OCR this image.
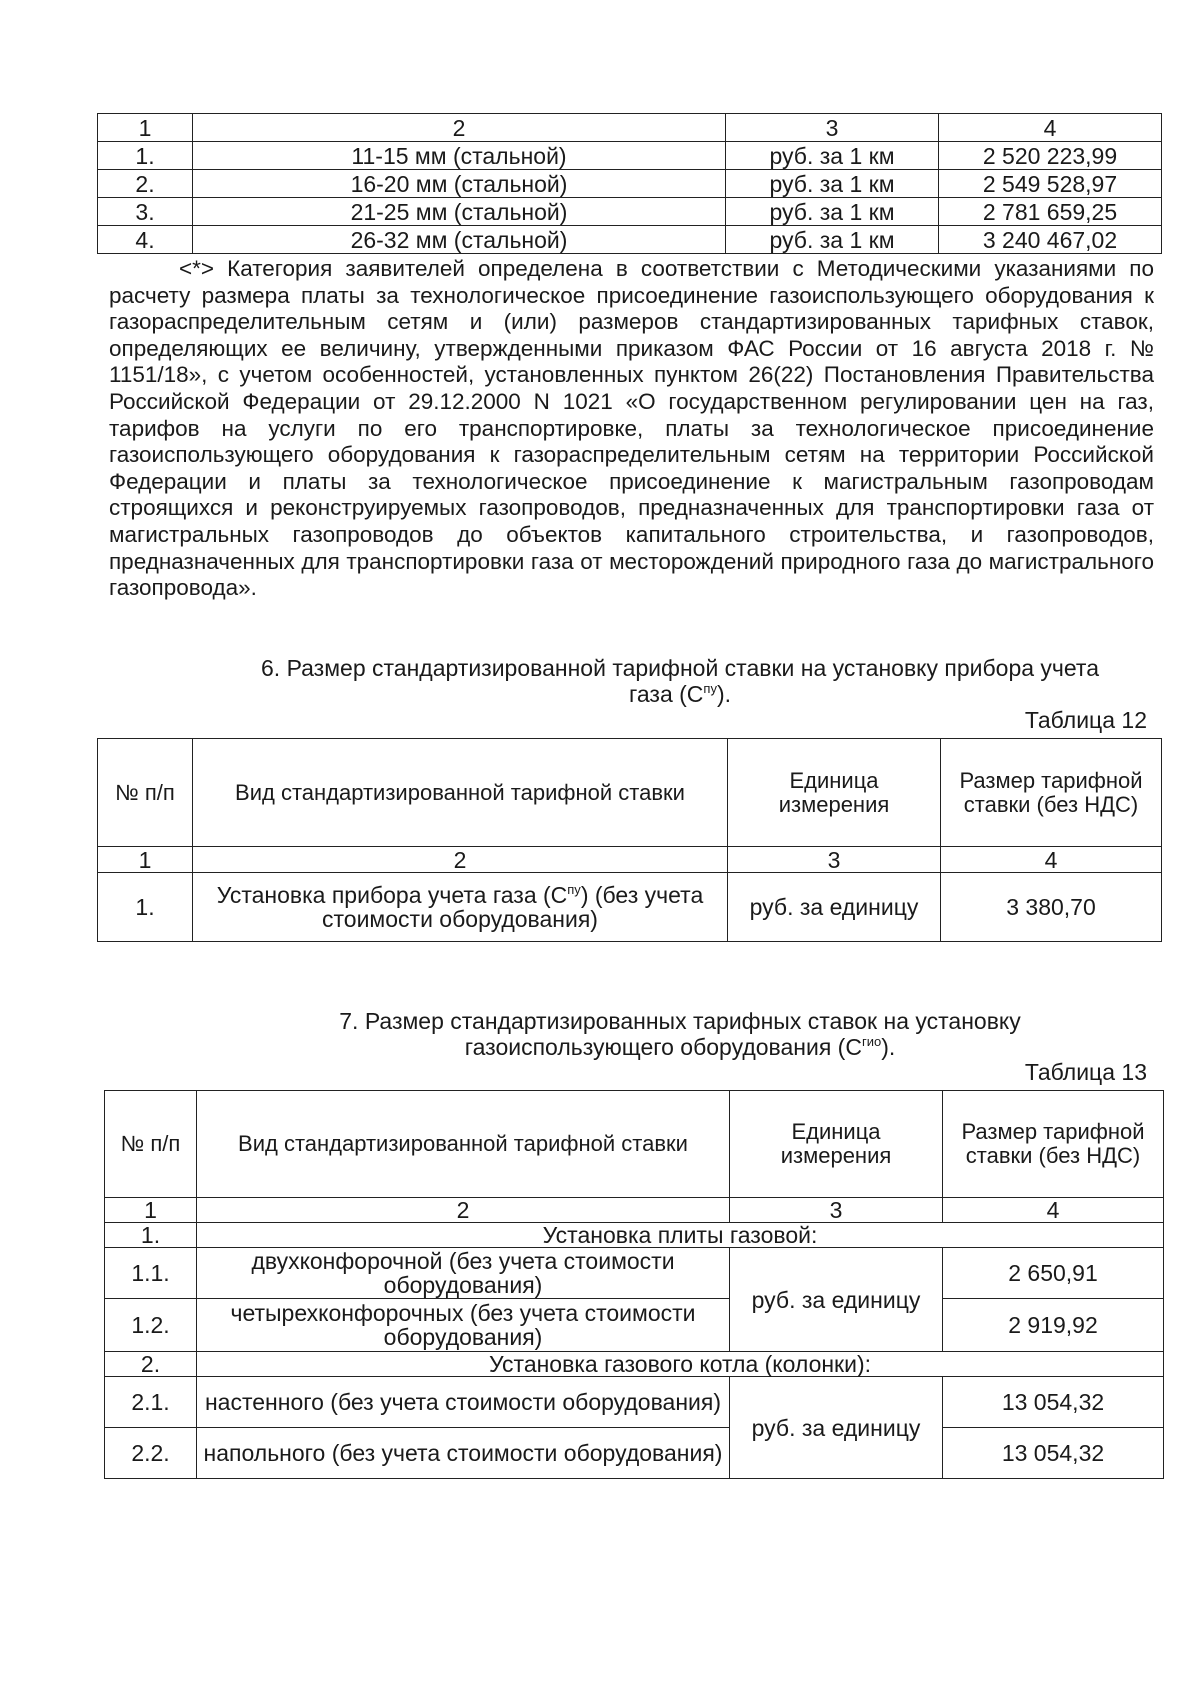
1	2	3	4
1.	11-15 мм (стальной)	руб. за 1 км	2 520 223,99
2.	16-20 мм (стальной)	руб. за 1 км	2 549 528,97
3.	21-25 мм (стальной)	руб. за 1 км	2 781 659,25
4.	26-32 мм (стальной)	руб. за 1 км	3 240 467,02
<*> Категория заявителей определена в соответствии с Методическими указаниями по расчету размера платы за технологическое присоединение газоиспользующего оборудования к газораспределительным сетям и (или) размеров стандартизированных тарифных ставок, определяющих ее величину, утвержденными приказом ФАС России от 16 августа 2018 г. № 1151/18», с учетом особенностей, установленных пунктом 26(22) Постановления Правительства Российской Федерации от 29.12.2000 N 1021 «О государственном регулировании цен на газ, тарифов на услуги по его транспортировке, платы за технологическое присоединение газоиспользующего оборудования к газораспределительным сетям на территории Российской Федерации и платы за технологическое присоединение к магистральным газопроводам строящихся и реконструируемых газопроводов, предназначенных для транспортировки газа от магистральных газопроводов до объектов капитального строительства, и газопроводов, предназначенных для транспортировки газа от месторождений природного газа до магистрального газопровода».
6. Размер стандартизированной тарифной ставки на установку прибора учета
газа $(С^{пу})$.
Таблица 12
№ п/п	Вид стандартизированной тарифной ставки	Единица измерения	Размер тарифной ставки (без НДС)
1	2	3	4
1.	Установка прибора учета газа $(С^{пу})$ (без учета стоимости оборудования)	руб. за единицу	3 380,70
7. Размер стандартизированных тарифных ставок на установку
газоиспользующего оборудования $(С^{гио})$.
Таблица 13
№ п/п	Вид стандартизированной тарифной ставки	Единица измерения	Размер тарифной ставки (без НДС)
1	2	3	4
1.	Установка плиты газовой:		
1.1.	двухконфорочной (без учета стоимости оборудования)	руб. за единицу	2 650,91
1.2.	четырехконфорочных (без учета стоимости оборудования)		2 919,92
2.	Установка газового котла (колонки):		
2.1.	настенного (без учета стоимости оборудования)	руб. за единицу	13 054,32
2.2.	напольного (без учета стоимости оборудования)		13 054,32
